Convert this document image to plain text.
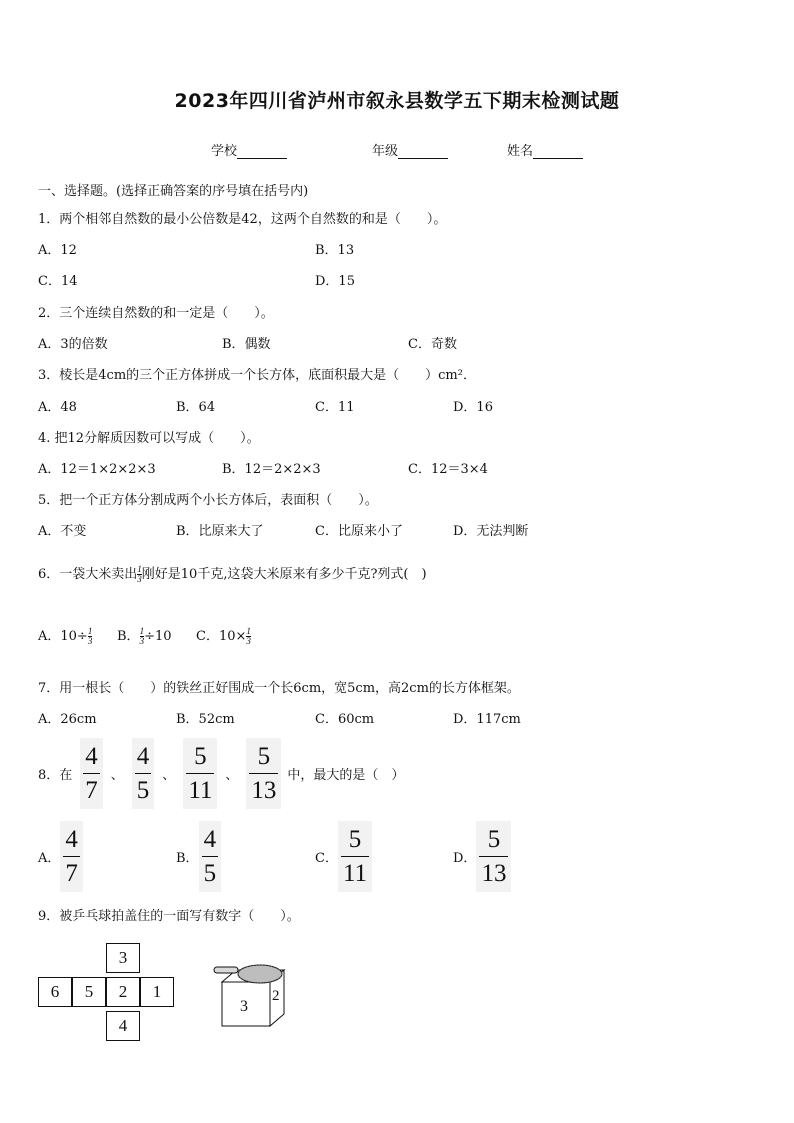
2023年四川省泸州市叙永县数学五下期末检测试题
学校	年级	姓名
一、选择题。(选择正确答案的序号填在括号内)
1．两个相邻自然数的最小公倍数是42，这两个自然数的和是（　　）。
A．12	B．13
C．14	D．15
2．三个连续自然数的和一定是（　　）。
A．3的倍数	B．偶数	C．奇数
3．棱长是4cm的三个正方体拼成一个长方体，底面积最大是（　　）cm²．
A．48	B．64	C．11	D．16
4. 把12分解质因数可以写成（　　）。
A．12＝1×2×2×3	B．12＝2×2×3	C．12＝3×4
5．把一个正方体分割成两个小长方体后，表面积（　　）。
A．不变	B．比原来大了	C．比原来小了	D．无法判断
6．一袋大米卖出 $\frac{1}{3}$ 刚好是10千克,这袋大米原来有多少千克?列式(　)
A．$10\div \frac{1}{3}$ B． $\frac{1}{3} \div 10$ C．$10\times \frac{1}{3}$
7．用一根长（　　）的铁丝正好围成一个长6cm，宽5cm，高2cm的长方体框架。
A．26cm	B．52cm	C．60cm	D．117cm
8．在 $\frac{4}{7}$ 、 $\frac{4}{5}$ 、 $\frac{5}{11}$ 、 $\frac{5}{13}$ 中，最大的是（　）
A． $\frac{4}{7}$	B． $\frac{4}{5}$	C． $\frac{5}{11}$	D． $\frac{5}{13}$
9．被乒乓球拍盖住的一面写有数字（　　）。
3
6	5	2	1
4
3
2
